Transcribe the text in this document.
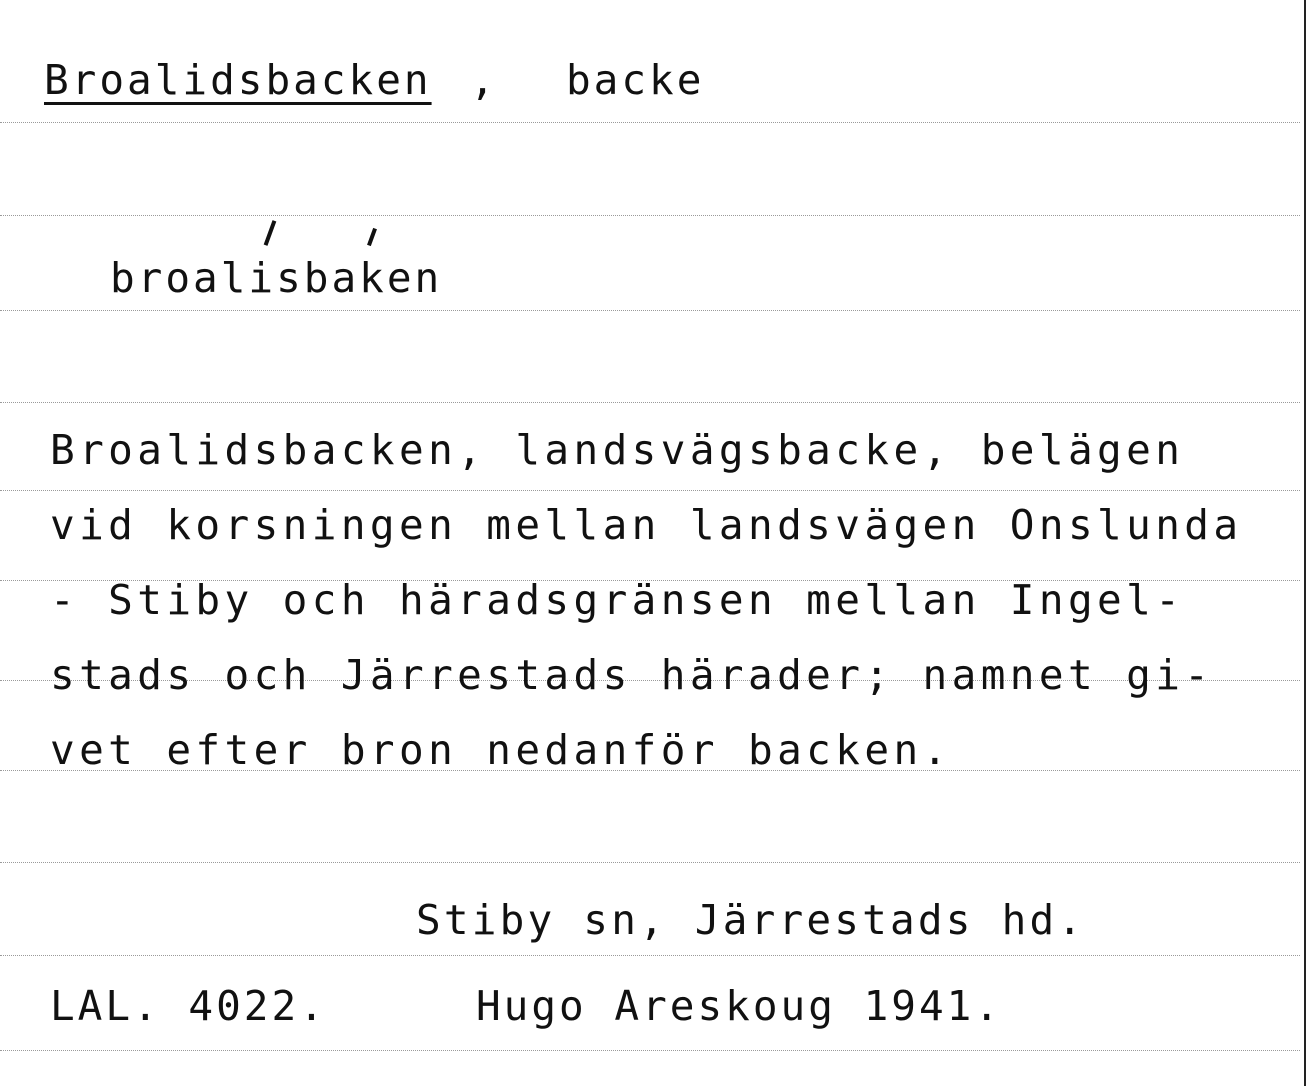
Broalidsbacken , backe
broalisbaken
Broalidsbacken, landsvägsbacke, belägen
vid korsningen mellan landsvägen Onslunda
- Stiby och häradsgränsen mellan Ingel-
stads och Järrestads härader; namnet gi-
vet efter bron nedanför backen.
Stiby sn, Järrestads hd.
LAL. 4022.	Hugo Areskoug 1941.
